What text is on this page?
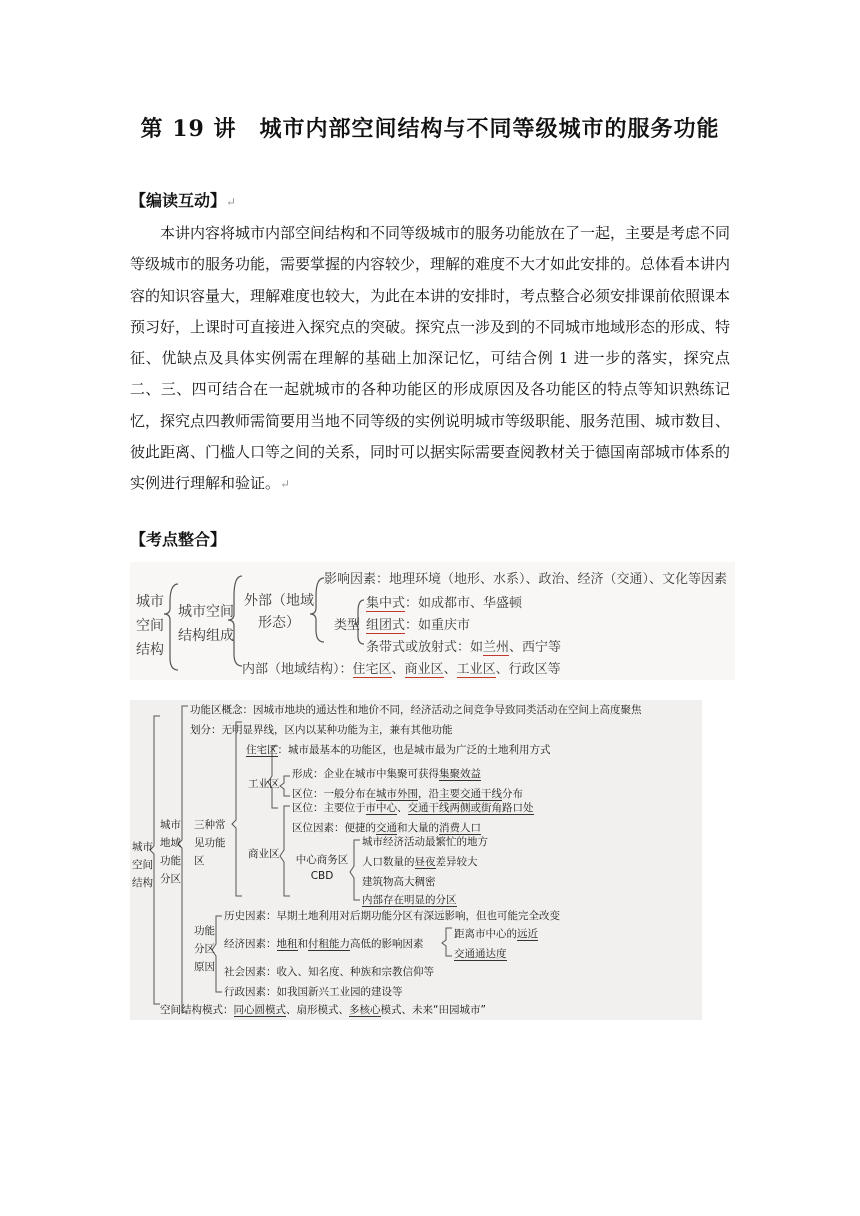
第 19 讲　城市内部空间结构与不同等级城市的服务功能
【编读互动】↵
本讲内容将城市内部空间结构和不同等级城市的服务功能放在了一起，主要是考虑不同等级城市的服务功能，需要掌握的内容较少，理解的难度不大才如此安排的。总体看本讲内容的知识容量大，理解难度也较大，为此在本讲的安排时，考点整合必须安排课前依照课本预习好，上课时可直接进入探究点的突破。探究点一涉及到的不同城市地域形态的形成、特征、优缺点及具体实例需在理解的基础上加深记忆，可结合例 1 进一步的落实，探究点二、三、四可结合在一起就城市的各种功能区的形成原因及各功能区的特点等知识熟练记忆，探究点四教师需简要用当地不同等级的实例说明城市等级职能、服务范围、城市数目、彼此距离、门槛人口等之间的关系，同时可以据实际需要查阅教材关于德国南部城市体系的实例进行理解和验证。↵
【考点整合】
城市空间结构
城市空间结构组成
外部（地域形态）
影响因素：地理环境（地形、水系）、政治、经济（交通）、文化等因素
类型
集中式：如成都市、华盛顿
组团式：如重庆市
条带式或放射式：如兰州、西宁等
内部（地域结构）：住宅区、商业区、工业区、行政区等
城市空间结构
城市地域功能分区
功能区概念：因城市地块的通达性和地价不同，经济活动之间竞争导致同类活动在空间上高度聚焦
划分：无明显界线，区内以某种功能为主，兼有其他功能
三种常见功能区
住宅区：城市最基本的功能区，也是城市最为广泛的土地利用方式
工业区
形成：企业在城市中集聚可获得集聚效益
区位：一般分布在城市外围，沿主要交通干线分布
商业区
区位：主要位于市中心、交通干线两侧或街角路口处
区位因素：便捷的交通和大量的消费人口
中心商务区
CBD
城市经济活动最繁忙的地方
人口数量的昼夜差异较大
建筑物高大稠密
内部存在明显的分区
功能分区原因
历史因素：早期土地利用对后期功能分区有深远影响，但也可能完全改变
经济因素：地租和付租能力高低的影响因素
距离市中心的远近
交通通达度
社会因素：收入、知名度、种族和宗教信仰等
行政因素：如我国新兴工业园的建设等
空间结构模式：同心圆模式、扇形模式、多核心模式、未来“田园城市”
